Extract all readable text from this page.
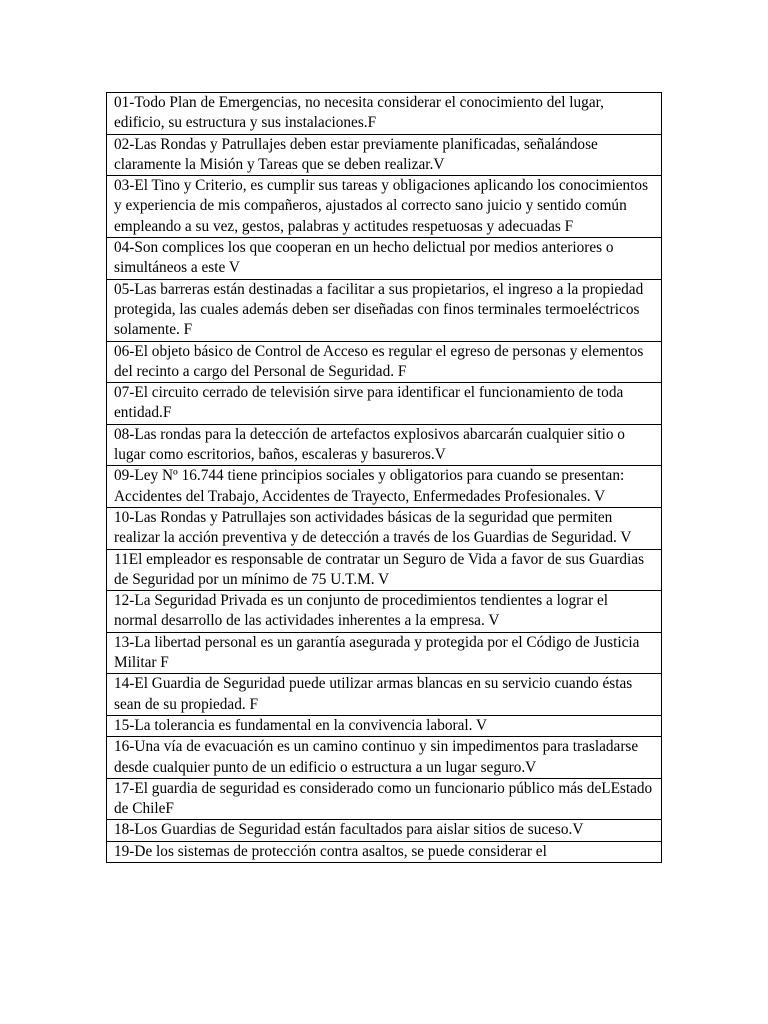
01-Todo Plan de Emergencias, no necesita considerar el conocimiento del lugar, edificio, su estructura y sus instalaciones.F
02-Las Rondas y Patrullajes deben estar previamente planificadas, señalándose claramente la Misión y Tareas que se deben realizar.V
03-El Tino y Criterio, es cumplir sus tareas y obligaciones aplicando los conocimientos y experiencia de mis compañeros, ajustados al correcto sano juicio y sentido común empleando a su vez, gestos, palabras y actitudes respetuosas y adecuadas F
04-Son complices los que cooperan en un hecho delictual por medios anteriores o simultáneos a este V
05-Las barreras están destinadas a facilitar a sus propietarios, el ingreso a la propiedad protegida, las cuales además deben ser diseñadas con finos terminales termoeléctricos solamente. F
06-El objeto básico de Control de Acceso es regular el egreso de personas y elementos del recinto a cargo del Personal de Seguridad. F
07-El circuito cerrado de televisión sirve para identificar el funcionamiento de toda entidad.F
08-Las rondas para la detección de artefactos explosivos abarcarán cualquier sitio o lugar como escritorios, baños, escaleras y basureros.V
09-Ley Nº 16.744 tiene principios sociales y obligatorios para cuando se presentan: Accidentes del Trabajo, Accidentes de Trayecto, Enfermedades Profesionales. V
10-Las Rondas y Patrullajes son actividades básicas de la seguridad que permiten realizar la acción preventiva y de detección a través de los Guardias de Seguridad. V
11El empleador es responsable de contratar un Seguro de Vida a favor de sus Guardias de Seguridad por un mínimo de 75 U.T.M. V
12-La Seguridad Privada es un conjunto de procedimientos tendientes a lograr el normal desarrollo de las actividades inherentes a la empresa. V
13-La libertad personal es un garantía asegurada y protegida por el Código de Justicia Militar F
14-El Guardia de Seguridad puede utilizar armas blancas en su servicio cuando éstas sean de su propiedad. F
15-La tolerancia es fundamental en la convivencia laboral. V
16-Una vía de evacuación es un camino continuo y sin impedimentos para trasladarse desde cualquier punto de un edificio o estructura a un lugar seguro.V
17-El guardia de seguridad es considerado como un funcionario público más deLEstado de ChileF
18-Los Guardias de Seguridad están facultados para aislar sitios de suceso.V
19-De los sistemas de protección contra asaltos, se puede considerar el
